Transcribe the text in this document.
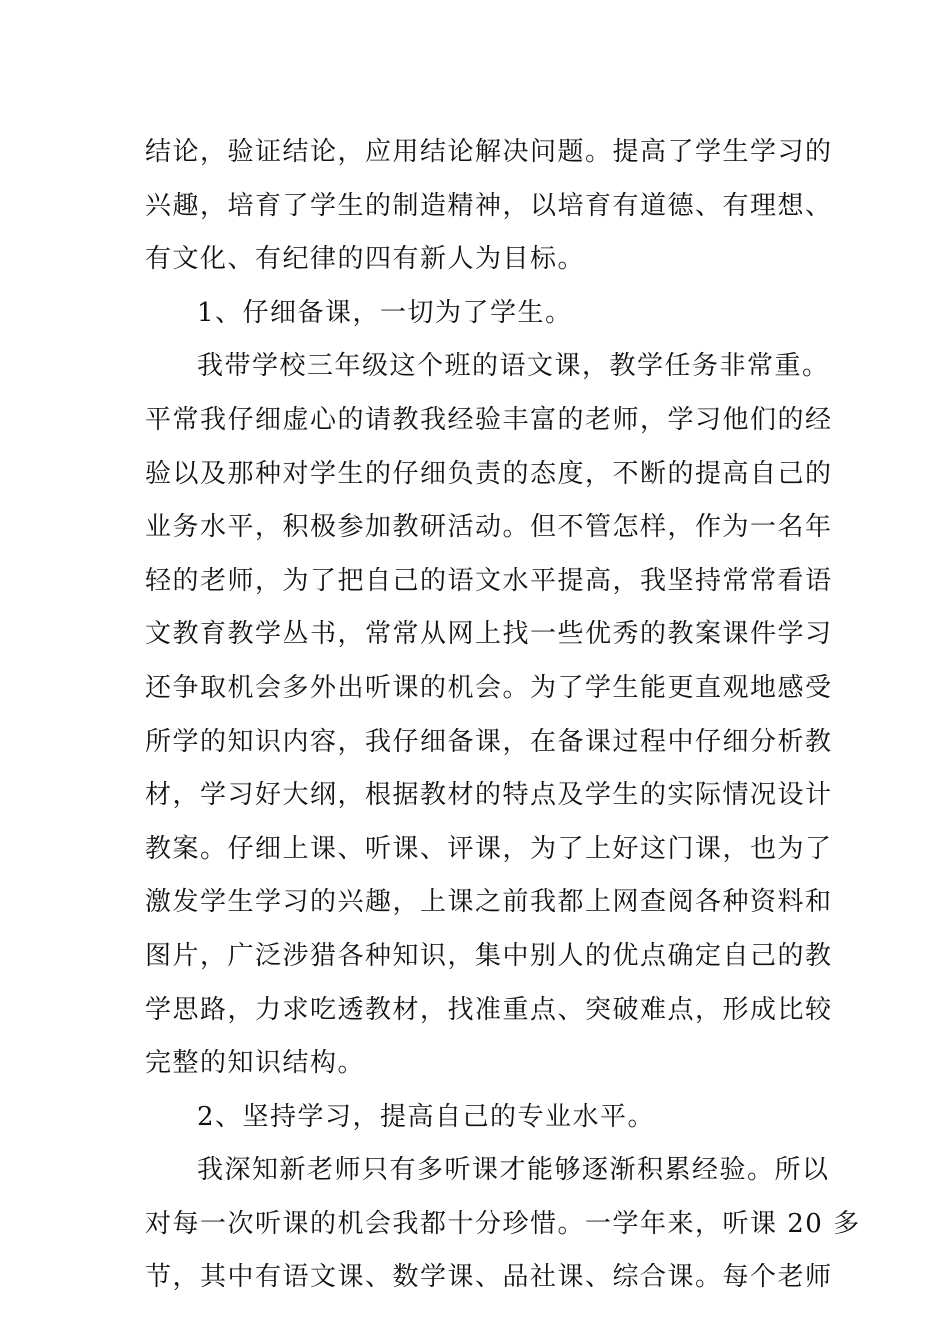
结论，验证结论，应用结论解决问题。提高了学生学习的
兴趣，培育了学生的制造精神，以培育有道德、有理想、
有文化、有纪律的四有新人为目标。
1、仔细备课，一切为了学生。
我带学校三年级这个班的语文课，教学任务非常重。
平常我仔细虚心的请教我经验丰富的老师，学习他们的经
验以及那种对学生的仔细负责的态度，不断的提高自己的
业务水平，积极参加教研活动。但不管怎样，作为一名年
轻的老师，为了把自己的语文水平提高，我坚持常常看语
文教育教学丛书，常常从网上找一些优秀的教案课件学习
还争取机会多外出听课的机会。为了学生能更直观地感受
所学的知识内容，我仔细备课，在备课过程中仔细分析教
材，学习好大纲，根据教材的特点及学生的实际情况设计
教案。仔细上课、听课、评课，为了上好这门课，也为了
激发学生学习的兴趣，上课之前我都上网查阅各种资料和
图片，广泛涉猎各种知识，集中别人的优点确定自己的教
学思路，力求吃透教材，找准重点、突破难点，形成比较
完整的知识结构。
2、坚持学习，提高自己的专业水平。
我深知新老师只有多听课才能够逐渐积累经验。所以
对每一次听课的机会我都十分珍惜。一学年来，听课 20 多
节，其中有语文课、数学课、品社课、综合课。每个老师
